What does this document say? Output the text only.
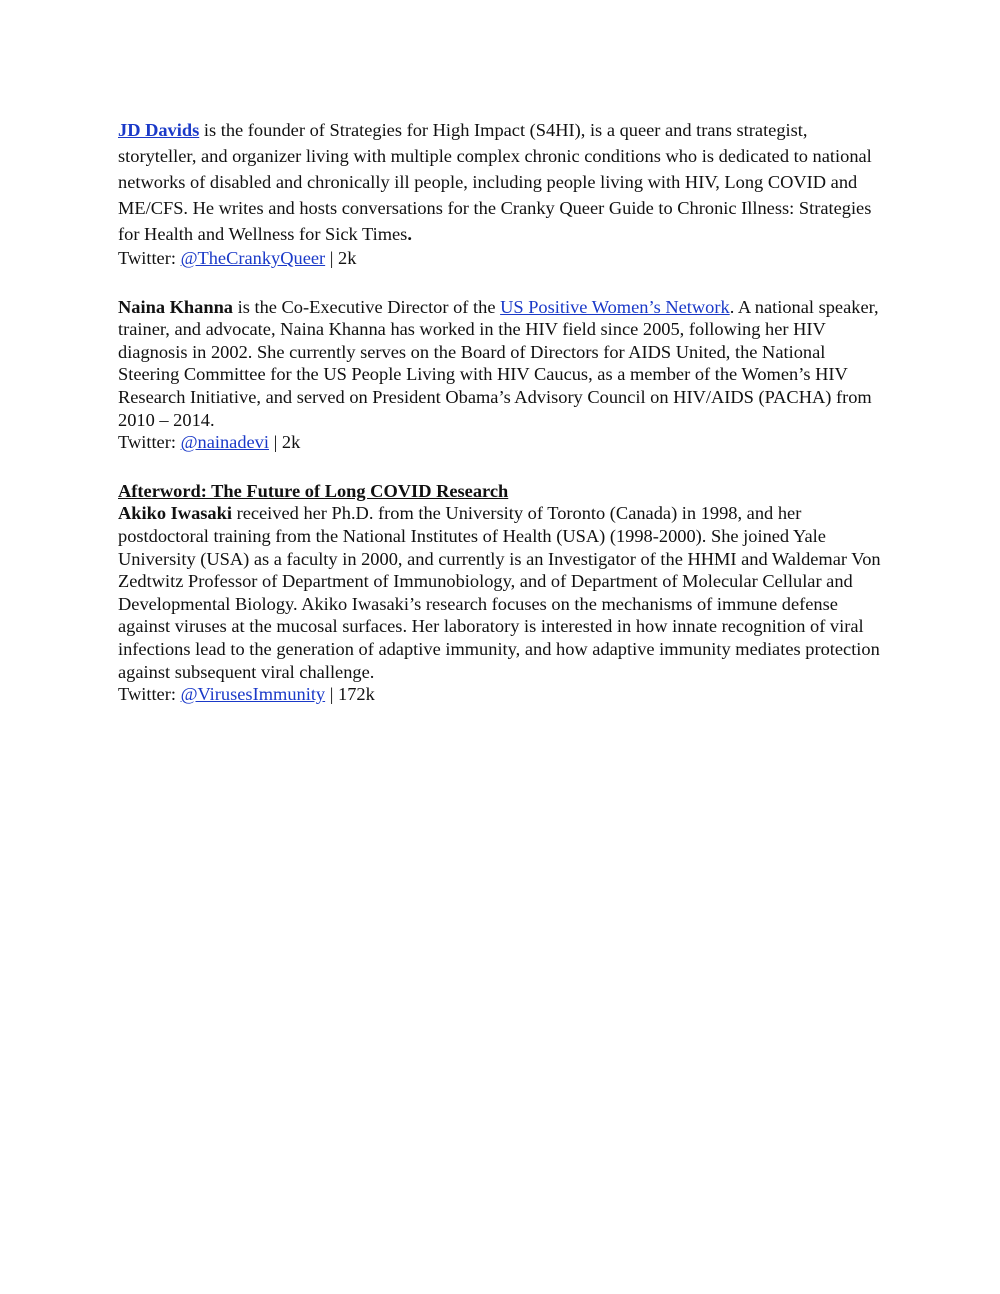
JD Davids is the founder of Strategies for High Impact (S4HI), is a queer and trans strategist, storyteller, and organizer living with multiple complex chronic conditions who is dedicated to national networks of disabled and chronically ill people, including people living with HIV, Long COVID and ME/CFS. He writes and hosts conversations for the Cranky Queer Guide to Chronic Illness: Strategies for Health and Wellness for Sick Times.

Twitter: @TheCrankyQueer | 2k

Naina Khanna is the Co-Executive Director of the US Positive Women’s Network. A national speaker, trainer, and advocate, Naina Khanna has worked in the HIV field since 2005, following her HIV diagnosis in 2002. She currently serves on the Board of Directors for AIDS United, the National Steering Committee for the US People Living with HIV Caucus, as a member of the Women’s HIV Research Initiative, and served on President Obama’s Advisory Council on HIV/AIDS (PACHA) from 2010 – 2014.

Twitter: @nainadevi | 2k

Afterword: The Future of Long COVID Research

Akiko Iwasaki received her Ph.D. from the University of Toronto (Canada) in 1998, and her postdoctoral training from the National Institutes of Health (USA) (1998-2000). She joined Yale University (USA) as a faculty in 2000, and currently is an Investigator of the HHMI and Waldemar Von Zedtwitz Professor of Department of Immunobiology, and of Department of Molecular Cellular and Developmental Biology. Akiko Iwasaki’s research focuses on the mechanisms of immune defense against viruses at the mucosal surfaces. Her laboratory is interested in how innate recognition of viral infections lead to the generation of adaptive immunity, and how adaptive immunity mediates protection against subsequent viral challenge.

Twitter: @VirusesImmunity | 172k
